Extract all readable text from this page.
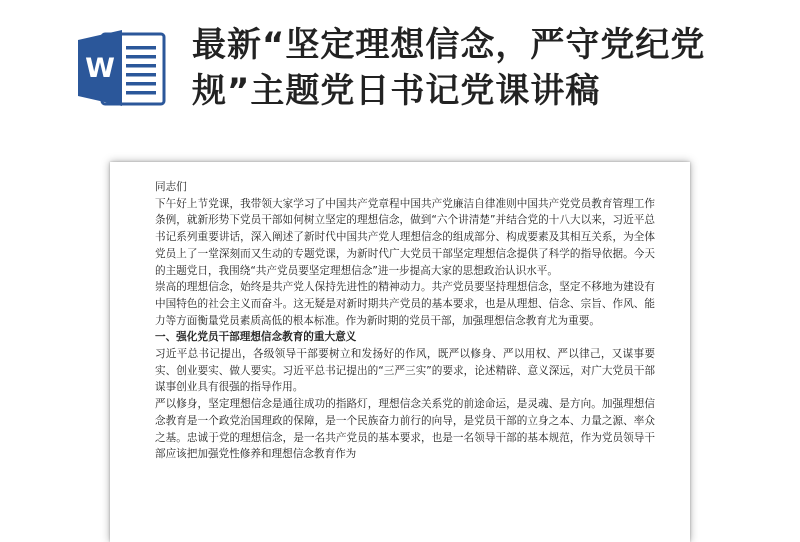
W
最新“坚定理想信念，严守党纪党规”主题党日书记党课讲稿

同志们

下午好上节党课，我带领大家学习了中国共产党章程中国共产党廉洁自律准则中国共产党党员教育管理工作条例，就新形势下党员干部如何树立坚定的理想信念，做到“六个讲清楚”并结合党的十八大以来，习近平总书记系列重要讲话，深入阐述了新时代中国共产党人理想信念的组成部分、构成要素及其相互关系，为全体党员上了一堂深刻而又生动的专题党课，为新时代广大党员干部坚定理想信念提供了科学的指导依据。今天的主题党日，我围绕“共产党员要坚定理想信念”进一步提高大家的思想政治认识水平。

崇高的理想信念，始终是共产党人保持先进性的精神动力。共产党员要坚持理想信念，坚定不移地为建设有中国特色的社会主义而奋斗。这无疑是对新时期共产党员的基本要求，也是从理想、信念、宗旨、作风、能力等方面衡量党员素质高低的根本标准。作为新时期的党员干部，加强理想信念教育尤为重要。

一、强化党员干部理想信念教育的重大意义

习近平总书记提出，各级领导干部要树立和发扬好的作风，既严以修身、严以用权、严以律己，又谋事要实、创业要实、做人要实。习近平总书记提出的“三严三实”的要求，论述精辟、意义深远，对广大党员干部谋事创业具有很强的指导作用。

严以修身，坚定理想信念是通往成功的指路灯，理想信念关系党的前途命运，是灵魂、是方向。加强理想信念教育是一个政党治国理政的保障，是一个民族奋力前行的向导，是党员干部的立身之本、力量之源、率众之基。忠诚于党的理想信念，是一名共产党员的基本要求，也是一名领导干部的基本规范，作为党员领导干部应该把加强党性修养和理想信念教育作为
